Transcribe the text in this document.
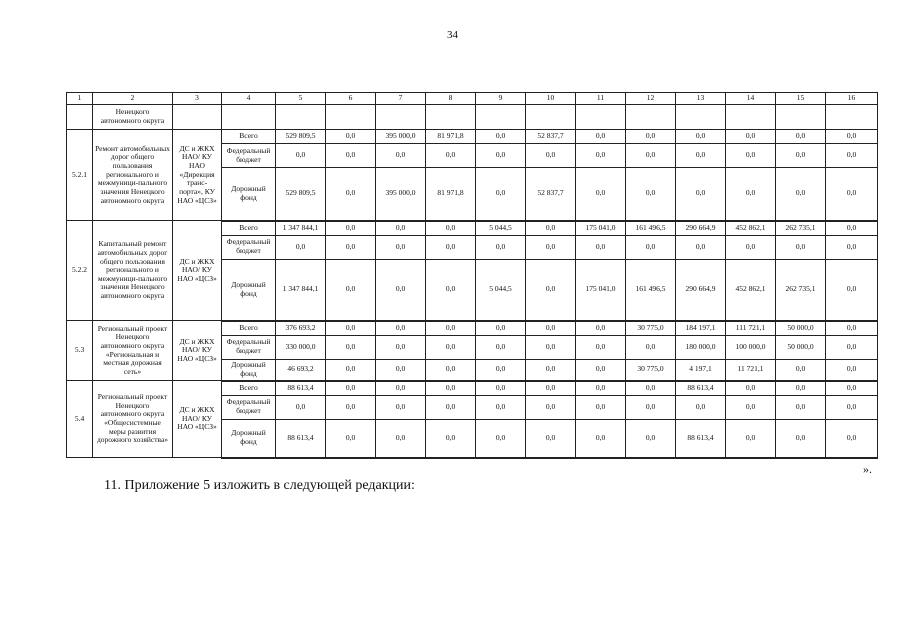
34
1	2	3	4	5	6	7	8	9	10	11	12	13	14	15	16
	Ненецкого автономного округа														
5.2.1	Ремонт автомобильных дорог общего пользования регионального и межмуници-пального значения Ненецкого автономного округа	ДС и ЖКХ НАО/ КУ НАО «Дирекция транс-порта», КУ НАО «ЦСЗ»	Всего	529 809,5	0,0	395 000,0	81 971,8	0,0	52 837,7	0,0	0,0	0,0	0,0	0,0	0,0
			Федеральный бюджет	0,0	0,0	0,0	0,0	0,0	0,0	0,0	0,0	0,0	0,0	0,0	0,0
			Дорожный фонд	529 809,5	0,0	395 000,0	81 971,8	0,0	52 837,7	0,0	0,0	0,0	0,0	0,0	0,0
5.2.2	Капитальный ремонт автомобильных дорог общего пользования регионального и межмуници-пального значения Ненецкого автономного округа	ДС и ЖКХ НАО/ КУ НАО «ЦСЗ»	Всего	1 347 844,1	0,0	0,0	0,0	5 044,5	0,0	175 041,0	161 496,5	290 664,9	452 862,1	262 735,1	0,0
			Федеральный бюджет	0,0	0,0	0,0	0,0	0,0	0,0	0,0	0,0	0,0	0,0	0,0	0,0
			Дорожный фонд	1 347 844,1	0,0	0,0	0,0	5 044,5	0,0	175 041,0	161 496,5	290 664,9	452 862,1	262 735,1	0,0
5.3	Региональный проект Ненецкого автономного округа «Региональная и местная дорожная сеть»	ДС и ЖКХ НАО/ КУ НАО «ЦСЗ»	Всего	376 693,2	0,0	0,0	0,0	0,0	0,0	0,0	30 775,0	184 197,1	111 721,1	50 000,0	0,0
			Федеральный бюджет	330 000,0	0,0	0,0	0,0	0,0	0,0	0,0	0,0	180 000,0	100 000,0	50 000,0	0,0
			Дорожный фонд	46 693,2	0,0	0,0	0,0	0,0	0,0	0,0	30 775,0	4 197,1	11 721,1	0,0	0,0
5.4	Региональный проект Ненецкого автономного округа «Общесистемные меры развития дорожного хозяйства»	ДС и ЖКХ НАО/ КУ НАО «ЦСЗ»	Всего	88 613,4	0,0	0,0	0,0	0,0	0,0	0,0	0,0	88 613,4	0,0	0,0	0,0
			Федеральный бюджет	0,0	0,0	0,0	0,0	0,0	0,0	0,0	0,0	0,0	0,0	0,0	0,0
			Дорожный фонд	88 613,4	0,0	0,0	0,0	0,0	0,0	0,0	0,0	88 613,4	0,0	0,0	0,0
».
11. Приложение 5 изложить в следующей редакции:
